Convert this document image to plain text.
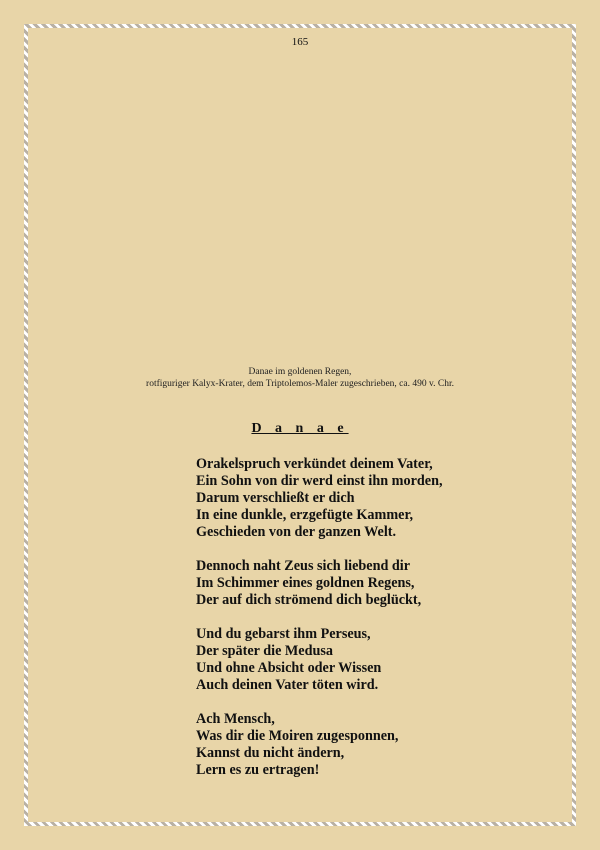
165
Danae im goldenen Regen,
rotfiguriger Kalyx-Krater, dem Triptolemos-Maler zugeschrieben, ca. 490 v. Chr.
D a n a e
Orakelspruch verkündet deinem Vater,
Ein Sohn von dir werd einst ihn morden,
Darum verschließt er dich
In eine dunkle, erzgefügte Kammer,
Geschieden von der ganzen Welt.
Dennoch naht Zeus sich liebend dir
Im Schimmer eines goldnen Regens,
Der auf dich strömend dich beglückt,
Und du gebarst ihm Perseus,
Der später die Medusa
Und ohne Absicht oder Wissen
Auch deinen Vater töten wird.
Ach Mensch,
Was dir die Moiren zugesponnen,
Kannst du nicht ändern,
Lern es zu ertragen!
